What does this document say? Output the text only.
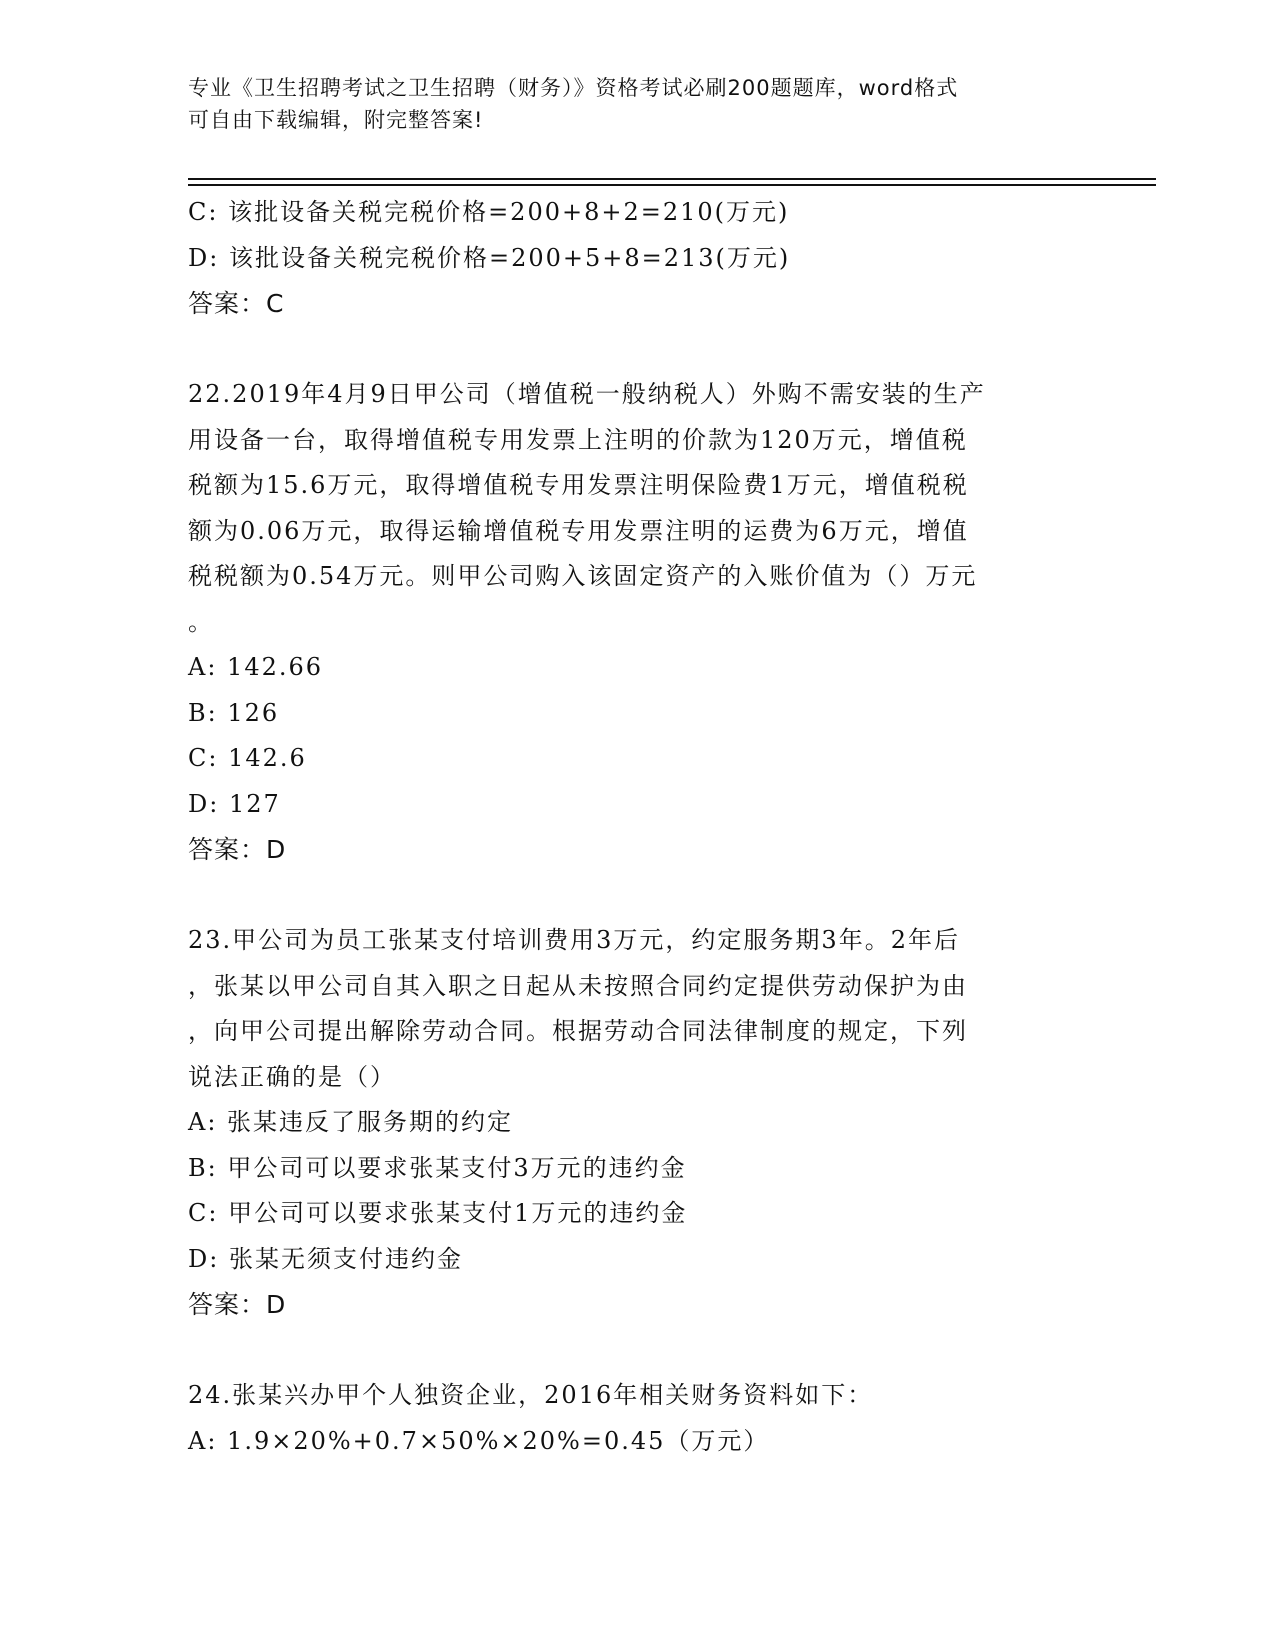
专业《卫生招聘考试之卫生招聘（财务）》资格考试必刷200题题库，word格式
可自由下载编辑，附完整答案!
C: 该批设备关税完税价格=200+8+2=210(万元)
D: 该批设备关税完税价格=200+5+8=213(万元)
答案：C
22.2019年4月9日甲公司（增值税一般纳税人）外购不需安装的生产
用设备一台，取得增值税专用发票上注明的价款为120万元，增值税
税额为15.6万元，取得增值税专用发票注明保险费1万元，增值税税
额为0.06万元，取得运输增值税专用发票注明的运费为6万元，增值
税税额为0.54万元。则甲公司购入该固定资产的入账价值为（）万元
。
A: 142.66
B: 126
C: 142.6
D: 127
答案：D
23.甲公司为员工张某支付培训费用3万元，约定服务期3年。2年后
，张某以甲公司自其入职之日起从未按照合同约定提供劳动保护为由
，向甲公司提出解除劳动合同。根据劳动合同法律制度的规定，下列
说法正确的是（）
A: 张某违反了服务期的约定
B: 甲公司可以要求张某支付3万元的违约金
C: 甲公司可以要求张某支付1万元的违约金
D: 张某无须支付违约金
答案：D
24.张某兴办甲个人独资企业，2016年相关财务资料如下：
A: 1.9×20%+0.7×50%×20%=0.45（万元）
